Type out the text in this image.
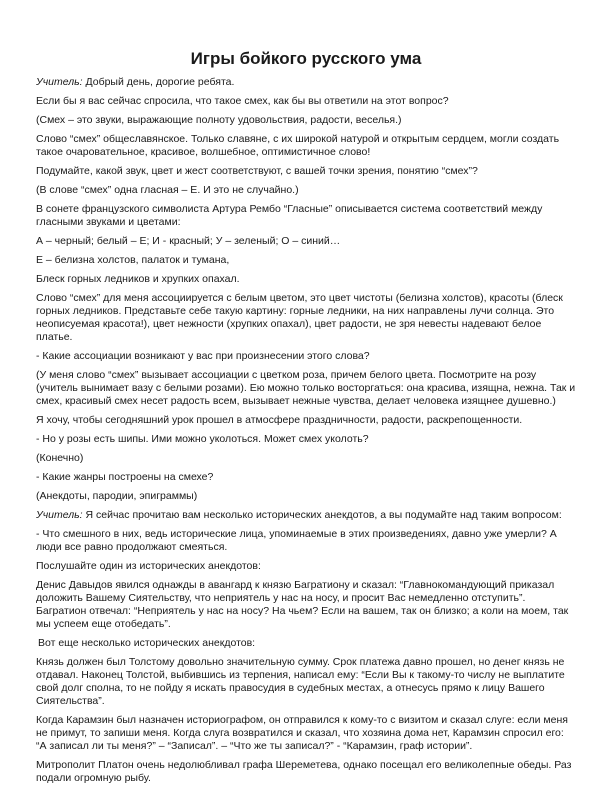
Игры бойкого русского ума

Учитель: Добрый день, дорогие ребята.

Если бы я вас сейчас спросила, что такое смех, как бы вы ответили на этот вопрос?

(Смех – это звуки, выражающие полноту удовольствия, радости, веселья.)

Слово “смех” общеславянское. Только славяне, с их широкой натурой и открытым сердцем, могли создать такое очаровательное, красивое, волшебное, оптимистичное слово!

Подумайте, какой звук, цвет и жест соответствуют, с вашей точки зрения, понятию “смех”?

(В слове “смех” одна гласная – Е. И это не случайно.)

В сонете французского символиста Артура Рембо “Гласные” описывается система соответствий между гласными звуками и цветами:

А – черный; белый – Е; И - красный; У – зеленый; О – синий…

Е – белизна холстов, палаток и тумана,

Блеск горных ледников и хрупких опахал.

Слово “смех” для меня ассоциируется с белым цветом, это цвет чистоты (белизна холстов), красоты (блеск горных ледников. Представьте себе такую картину: горные ледники, на них направлены лучи солнца. Это неописуемая красота!), цвет нежности (хрупких опахал), цвет радости, не зря невесты надевают белое платье.

- Какие ассоциации возникают у вас при произнесении этого слова?

(У меня слово “смех” вызывает ассоциации с цветком роза, причем белого цвета. Посмотрите на розу (учитель вынимает вазу с белыми розами). Ею можно только восторгаться: она красива, изящна, нежна. Так и смех, красивый смех несет радость всем, вызывает нежные чувства, делает человека изящнее душевно.)

Я хочу, чтобы сегодняшний урок прошел в атмосфере праздничности, радости, раскрепощенности.

- Но у розы есть шипы. Ими можно уколоться. Может смех уколоть?

(Конечно)

- Какие жанры построены на смехе?

(Анекдоты, пародии, эпиграммы)

Учитель: Я сейчас прочитаю вам несколько исторических анекдотов, а вы подумайте над таким вопросом:

- Что смешного в них, ведь исторические лица, упоминаемые в этих произведениях, давно уже умерли? А люди все равно продолжают смеяться.

Послушайте один из исторических анекдотов:

Денис Давыдов явился однажды в авангард к князю Багратиону и сказал: “Главнокомандующий приказал доложить Вашему Сиятельству, что неприятель у нас на носу, и просит Вас немедленно отступить”. Багратион отвечал: “Неприятель у нас на носу? На чьем? Если на вашем, так он близко; а коли на моем, так мы успеем еще отобедать”.

Вот еще несколько исторических анекдотов:

Князь должен был Толстому довольно значительную сумму. Срок платежа давно прошел, но денег князь не отдавал. Наконец Толстой, выбившись из терпения, написал ему: “Если Вы к такому-то числу не выплатите свой долг сполна, то не пойду я искать правосудия в судебных местах, а отнесусь прямо к лицу Вашего Сиятельства”.

Когда Карамзин был назначен историографом, он отправился к кому-то с визитом и сказал слуге: если меня не примут, то запиши меня. Когда слуга возвратился и сказал, что хозяина дома нет, Карамзин спросил его: “А записал ли ты меня?” – “Записал”. – “Что же ты записал?” - “Карамзин, граф истории”.

Митрополит Платон очень недолюбливал графа Шереметева, однако посещал его великолепные обеды. Раз подали огромную рыбу.
